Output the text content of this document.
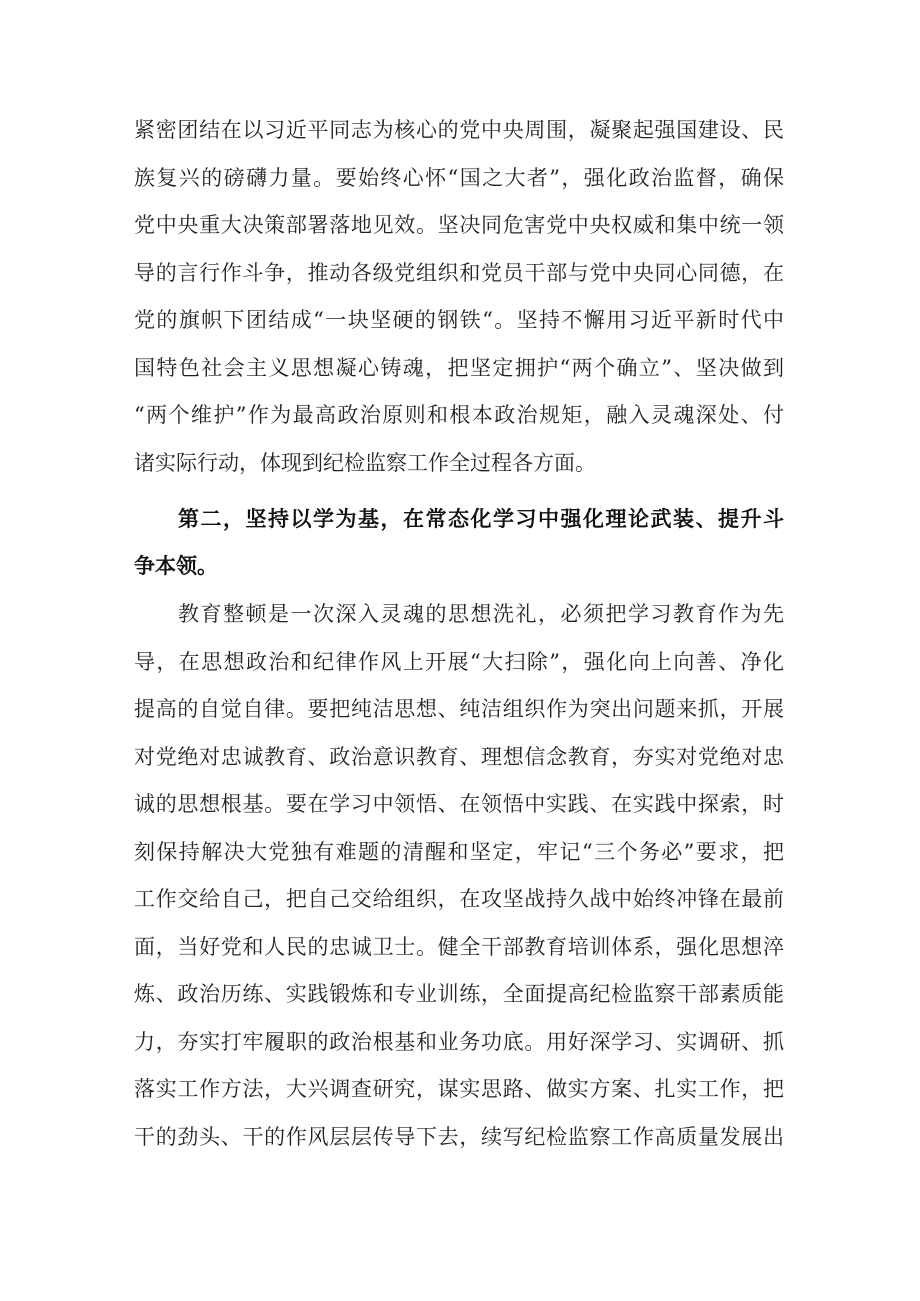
紧密团结在以习近平同志为核心的党中央周围，凝聚起强国建设、民
族复兴的磅礴力量。要始终心怀“国之大者”，强化政治监督，确保
党中央重大决策部署落地见效。坚决同危害党中央权威和集中统一领
导的言行作斗争，推动各级党组织和党员干部与党中央同心同德，在
党的旗帜下团结成“一块坚硬的钢铁“。坚持不懈用习近平新时代中
国特色社会主义思想凝心铸魂，把坚定拥护“两个确立”、坚决做到
“两个维护”作为最高政治原则和根本政治规矩，融入灵魂深处、付
诸实际行动，体现到纪检监察工作全过程各方面。
第二，坚持以学为基，在常态化学习中强化理论武装、提升斗
争本领。
教育整顿是一次深入灵魂的思想洗礼，必须把学习教育作为先
导，在思想政治和纪律作风上开展“大扫除”，强化向上向善、净化
提高的自觉自律。要把纯洁思想、纯洁组织作为突出问题来抓，开展
对党绝对忠诚教育、政治意识教育、理想信念教育，夯实对党绝对忠
诚的思想根基。要在学习中领悟、在领悟中实践、在实践中探索，时
刻保持解决大党独有难题的清醒和坚定，牢记“三个务必”要求，把
工作交给自己，把自己交给组织，在攻坚战持久战中始终冲锋在最前
面，当好党和人民的忠诚卫士。健全干部教育培训体系，强化思想淬
炼、政治历练、实践锻炼和专业训练，全面提高纪检监察干部素质能
力，夯实打牢履职的政治根基和业务功底。用好深学习、实调研、抓
落实工作方法，大兴调查研究，谋实思路、做实方案、扎实工作，把
干的劲头、干的作风层层传导下去，续写纪检监察工作高质量发展出
